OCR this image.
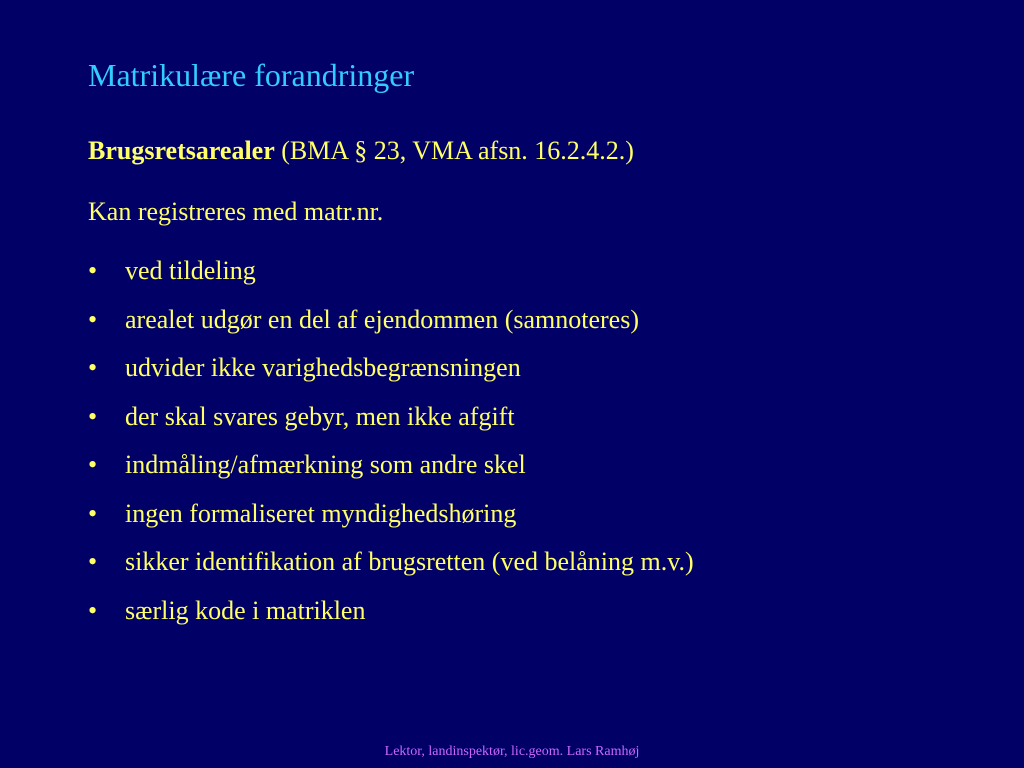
Matrikulære forandringer
Brugsretsarealer (BMA § 23, VMA afsn. 16.2.4.2.)
Kan registreres med matr.nr.
•	ved tildeling
•	arealet udgør en del af ejendommen (samnoteres)
•	udvider ikke varighedsbegrænsningen
•	der skal svares gebyr, men ikke afgift
•	indmåling/afmærkning som andre skel
•	ingen formaliseret myndighedshøring
•	sikker identifikation af brugsretten (ved belåning m.v.)
•	særlig kode i matriklen
Lektor, landinspektør, lic.geom. Lars Ramhøj
